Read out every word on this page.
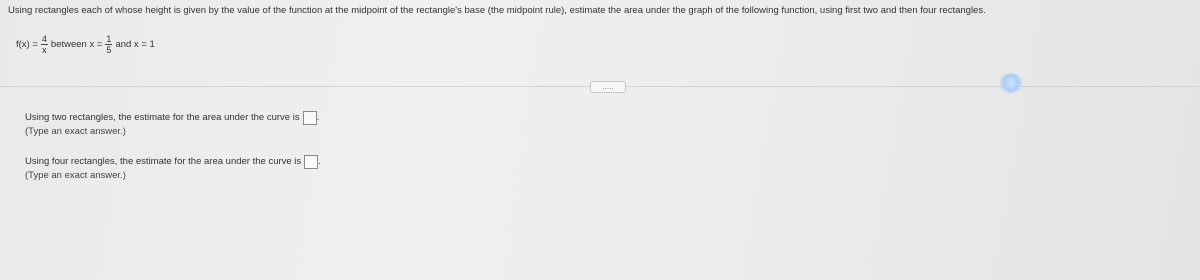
Using rectangles each of whose height is given by the value of the function at the midpoint of the rectangle's base (the midpoint rule), estimate the area under the graph of the following function, using first two and then four rectangles.
$f(x) = \frac{4}{x}$ between $x = \frac{1}{5}$ and x = 1
.....
Using two rectangles, the estimate for the area under the curve is .
(Type an exact answer.)
Using four rectangles, the estimate for the area under the curve is .
(Type an exact answer.)
